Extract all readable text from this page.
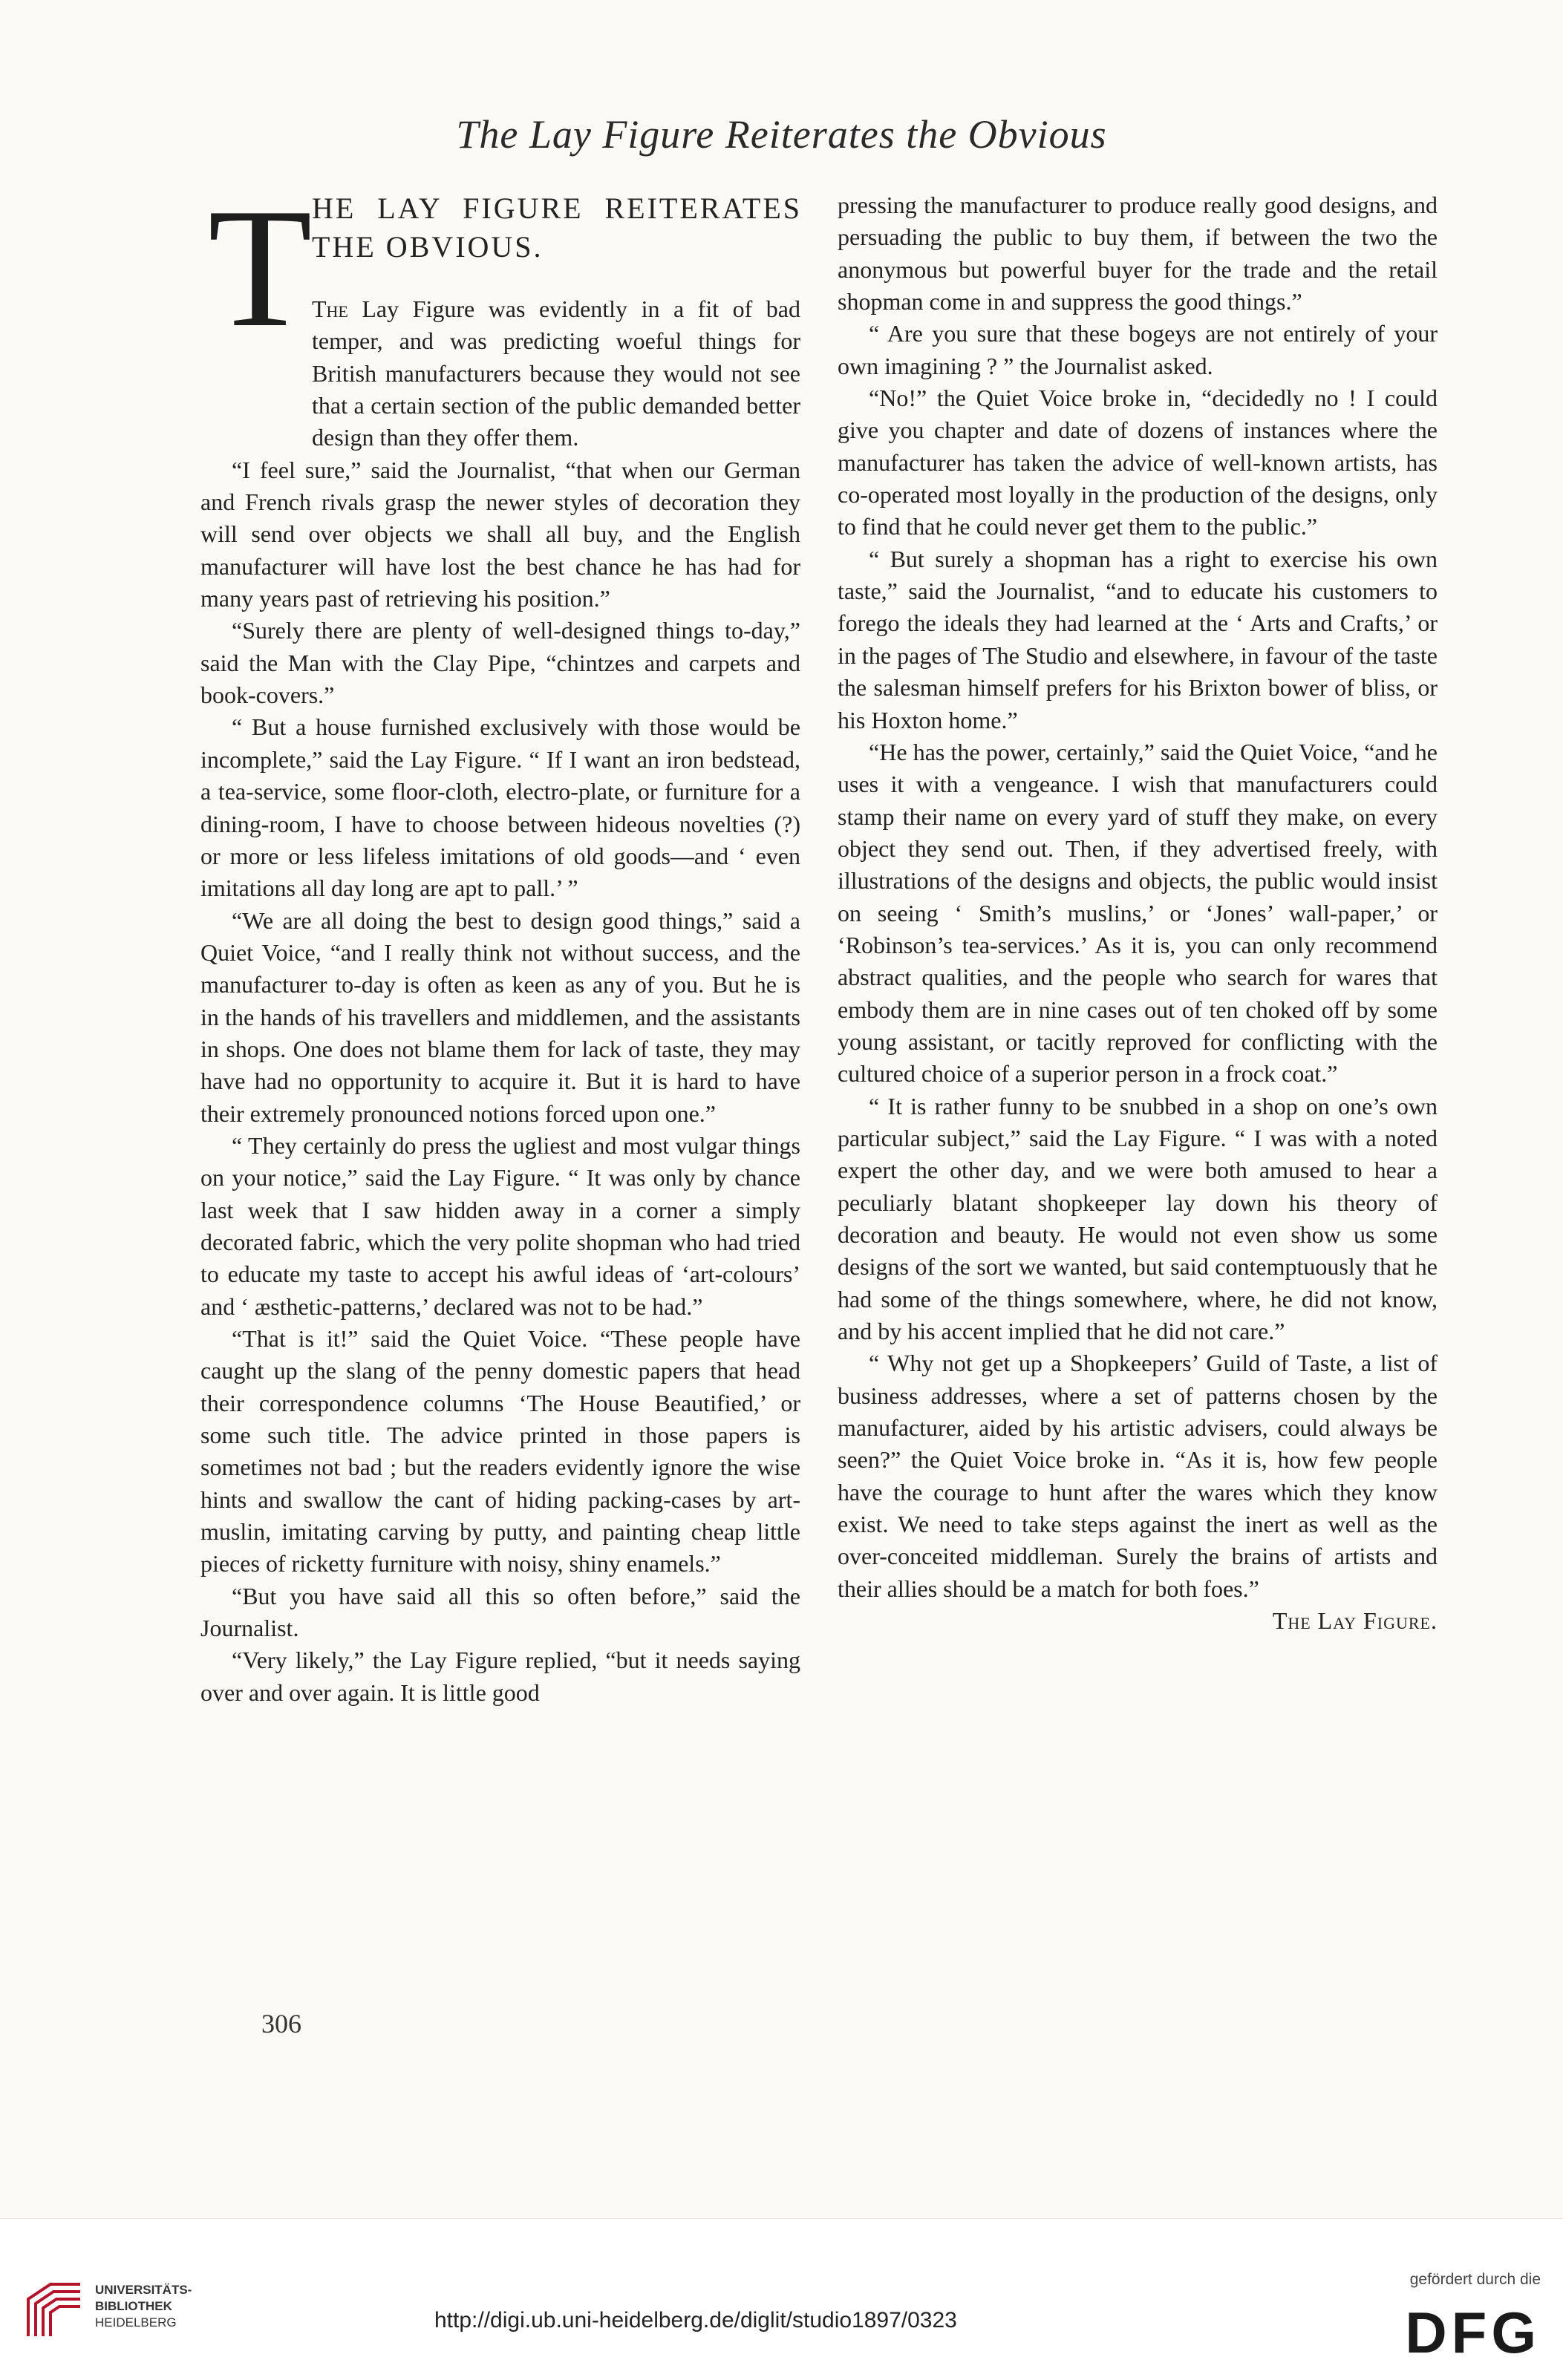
The Lay Figure Reiterates the Obvious
T HE LAY FIGURE REITERATES THE OBVIOUS.

The Lay Figure was evidently in a fit of bad temper, and was predicting woeful things for British manufacturers because they would not see that a certain section of the public demanded better design than they offer them.

“I feel sure,” said the Journalist, “that when our German and French rivals grasp the newer styles of decoration they will send over objects we shall all buy, and the English manufacturer will have lost the best chance he has had for many years past of retrieving his position.”

“Surely there are plenty of well-designed things to-day,” said the Man with the Clay Pipe, “chintzes and carpets and book-covers.”

“ But a house furnished exclusively with those would be incomplete,” said the Lay Figure. “ If I want an iron bedstead, a tea-service, some floor-cloth, electro-plate, or furniture for a dining-room, I have to choose between hideous novelties (?) or more or less lifeless imitations of old goods—and ‘ even imitations all day long are apt to pall.’ ”

“We are all doing the best to design good things,” said a Quiet Voice, “and I really think not without success, and the manufacturer to-day is often as keen as any of you. But he is in the hands of his travellers and middlemen, and the assistants in shops. One does not blame them for lack of taste, they may have had no opportunity to acquire it. But it is hard to have their extremely pronounced notions forced upon one.”

“ They certainly do press the ugliest and most vulgar things on your notice,” said the Lay Figure. “ It was only by chance last week that I saw hidden away in a corner a simply decorated fabric, which the very polite shopman who had tried to educate my taste to accept his awful ideas of ‘art-colours’ and ‘ æsthetic-patterns,’ declared was not to be had.”

“That is it!” said the Quiet Voice. “These people have caught up the slang of the penny domestic papers that head their correspondence columns ‘The House Beautified,’ or some such title. The advice printed in those papers is sometimes not bad ; but the readers evidently ignore the wise hints and swallow the cant of hiding packing-cases by art-muslin, imitating carving by putty, and painting cheap little pieces of ricketty furniture with noisy, shiny enamels.”

“But you have said all this so often before,” said the Journalist.

“Very likely,” the Lay Figure replied, “but it needs saying over and over again. It is little good

pressing the manufacturer to produce really good designs, and persuading the public to buy them, if between the two the anonymous but powerful buyer for the trade and the retail shopman come in and suppress the good things.”

“ Are you sure that these bogeys are not entirely of your own imagining ? ” the Journalist asked.

“No!” the Quiet Voice broke in, “decidedly no ! I could give you chapter and date of dozens of instances where the manufacturer has taken the advice of well-known artists, has co-operated most loyally in the production of the designs, only to find that he could never get them to the public.”

“ But surely a shopman has a right to exercise his own taste,” said the Journalist, “and to educate his customers to forego the ideals they had learned at the ‘ Arts and Crafts,’ or in the pages of The Studio and elsewhere, in favour of the taste the salesman himself prefers for his Brixton bower of bliss, or his Hoxton home.”

“He has the power, certainly,” said the Quiet Voice, “and he uses it with a vengeance. I wish that manufacturers could stamp their name on every yard of stuff they make, on every object they send out. Then, if they advertised freely, with illustrations of the designs and objects, the public would insist on seeing ‘ Smith’s muslins,’ or ‘Jones’ wall-paper,’ or ‘Robinson’s tea-services.’ As it is, you can only recommend abstract qualities, and the people who search for wares that embody them are in nine cases out of ten choked off by some young assistant, or tacitly reproved for conflicting with the cultured choice of a superior person in a frock coat.”

“ It is rather funny to be snubbed in a shop on one’s own particular subject,” said the Lay Figure. “ I was with a noted expert the other day, and we were both amused to hear a peculiarly blatant shopkeeper lay down his theory of decoration and beauty. He would not even show us some designs of the sort we wanted, but said contemptuously that he had some of the things somewhere, where, he did not know, and by his accent implied that he did not care.”

“ Why not get up a Shopkeepers’ Guild of Taste, a list of business addresses, where a set of patterns chosen by the manufacturer, aided by his artistic advisers, could always be seen?” the Quiet Voice broke in. “As it is, how few people have the courage to hunt after the wares which they know exist. We need to take steps against the inert as well as the over-conceited middleman. Surely the brains of artists and their allies should be a match for both foes.”
The Lay Figure.

306
UNIVERSITÄTS-
BIBLIOTHEK
HEIDELBERG	http://digi.ub.uni-heidelberg.de/diglit/studio1897/0323
gefördert durch die
DFG
